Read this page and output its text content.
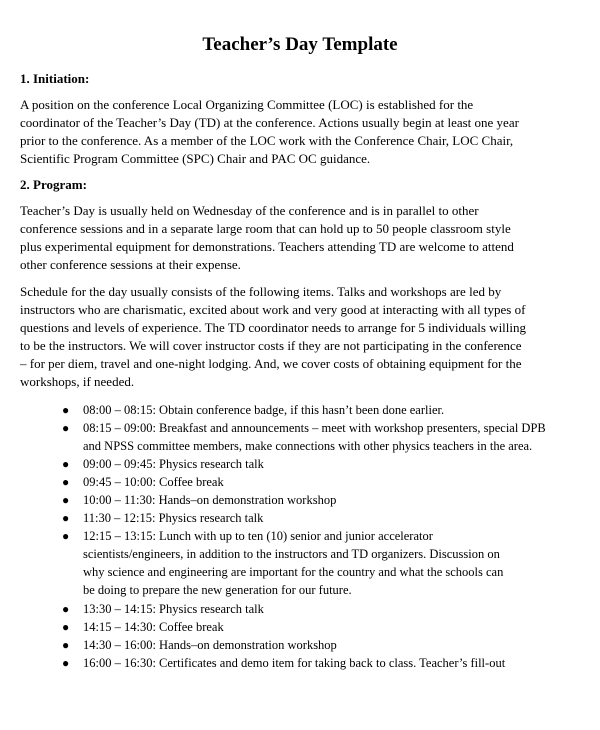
Teacher’s Day Template
1. Initiation:
A position on the conference Local Organizing Committee (LOC) is established for the
coordinator of the Teacher’s Day (TD) at the conference. Actions usually begin at least one year
prior to the conference. As a member of the LOC work with the Conference Chair, LOC Chair,
Scientific Program Committee (SPC) Chair and PAC OC guidance.
2. Program:
Teacher’s Day is usually held on Wednesday of the conference and is in parallel to other
conference sessions and in a separate large room that can hold up to 50 people classroom style
plus experimental equipment for demonstrations. Teachers attending TD are welcome to attend
other conference sessions at their expense.
Schedule for the day usually consists of the following items. Talks and workshops are led by
instructors who are charismatic, excited about work and very good at interacting with all types of
questions and levels of experience. The TD coordinator needs to arrange for 5 individuals willing
to be the instructors. We will cover instructor costs if they are not participating in the conference
– for per diem, travel and one-night lodging. And, we cover costs of obtaining equipment for the
workshops, if needed.
● 08:00 – 08:15: Obtain conference badge, if this hasn’t been done earlier.
● 08:15 – 09:00: Breakfast and announcements – meet with workshop presenters, special DPB
and NPSS committee members, make connections with other physics teachers in the area.
● 09:00 – 09:45: Physics research talk
● 09:45 – 10:00: Coffee break
● 10:00 – 11:30: Hands–on demonstration workshop
● 11:30 – 12:15: Physics research talk
● 12:15 – 13:15: Lunch with up to ten (10) senior and junior accelerator
scientists/engineers, in addition to the instructors and TD organizers. Discussion on
why science and engineering are important for the country and what the schools can
be doing to prepare the new generation for our future.
● 13:30 – 14:15: Physics research talk
● 14:15 – 14:30: Coffee break
● 14:30 – 16:00: Hands–on demonstration workshop
● 16:00 – 16:30: Certificates and demo item for taking back to class. Teacher’s fill-out
